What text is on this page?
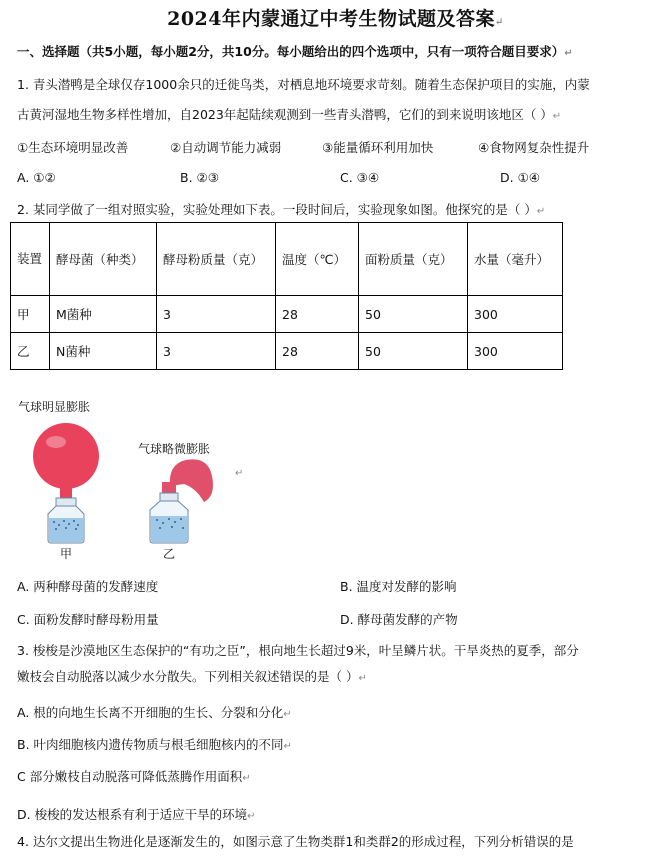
2024年内蒙通辽中考生物试题及答案↵
一、选择题（共5小题，每小题2分，共10分。每小题给出的四个选项中，只有一项符合题目要求）↵
1. 青头潜鸭是全球仅存1000余只的迁徙鸟类，对栖息地环境要求苛刻。随着生态保护项目的实施，内蒙
古黄河湿地生物多样性增加，自2023年起陆续观测到一些青头潜鸭，它们的到来说明该地区（ ）↵
①生态环境明显改善	②自动调节能力减弱	③能量循环利用加快	④食物网复杂性提升
A. ①②	B. ②③	C. ③④	D. ①④
2. 某同学做了一组对照实验，实验处理如下表。一段时间后，实验现象如图。他探究的是（ ）↵
装置	酵母菌（种类）	酵母粉质量（克）	温度（℃）	面粉质量（克）	水量（毫升）
甲	M菌种	3	28	50	300
乙	N菌种	3	28	50	300
气球明显膨胀
气球略微膨胀
甲	乙
↵
A. 两种酵母菌的发酵速度	B. 温度对发酵的影响
C. 面粉发酵时酵母粉用量	D. 酵母菌发酵的产物
3. 梭梭是沙漠地区生态保护的“有功之臣”，根向地生长超过9米，叶呈鳞片状。干旱炎热的夏季，部分
嫩枝会自动脱落以减少水分散失。下列相关叙述错误的是（ ）↵
A. 根的向地生长离不开细胞的生长、分裂和分化↵
B. 叶肉细胞核内遗传物质与根毛细胞核内的不同↵
C 部分嫩枝自动脱落可降低蒸腾作用面积↵
D. 梭梭的发达根系有利于适应干旱的环境↵
4. 达尔文提出生物进化是逐渐发生的，如图示意了生物类群1和类群2的形成过程，下列分析错误的是
